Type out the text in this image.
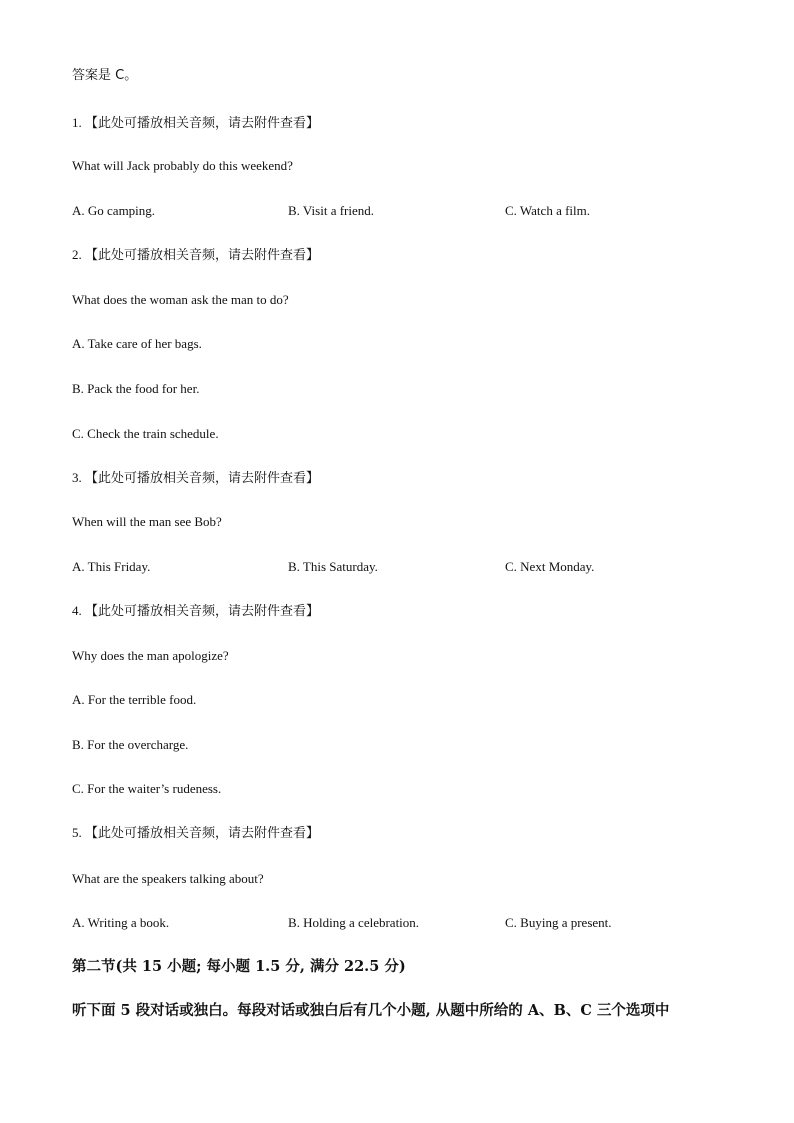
答案是 C。
1. 【此处可播放相关音频，请去附件查看】
What will Jack probably do this weekend?
A. Go camping.	B. Visit a friend.	C. Watch a film.
2. 【此处可播放相关音频，请去附件查看】
What does the woman ask the man to do?
A. Take care of her bags.
B. Pack the food for her.
C. Check the train schedule.
3. 【此处可播放相关音频，请去附件查看】
When will the man see Bob?
A. This Friday.	B. This Saturday.	C. Next Monday.
4. 【此处可播放相关音频，请去附件查看】
Why does the man apologize?
A. For the terrible food.
B. For the overcharge.
C. For the waiter’s rudeness.
5. 【此处可播放相关音频，请去附件查看】
What are the speakers talking about?
A. Writing a book.	B. Holding a celebration.	C. Buying a present.
第二节(共 15 小题; 每小题 1.5 分, 满分 22.5 分)
听下面 5 段对话或独白。每段对话或独白后有几个小题, 从题中所给的 A、B、C 三个选项中
